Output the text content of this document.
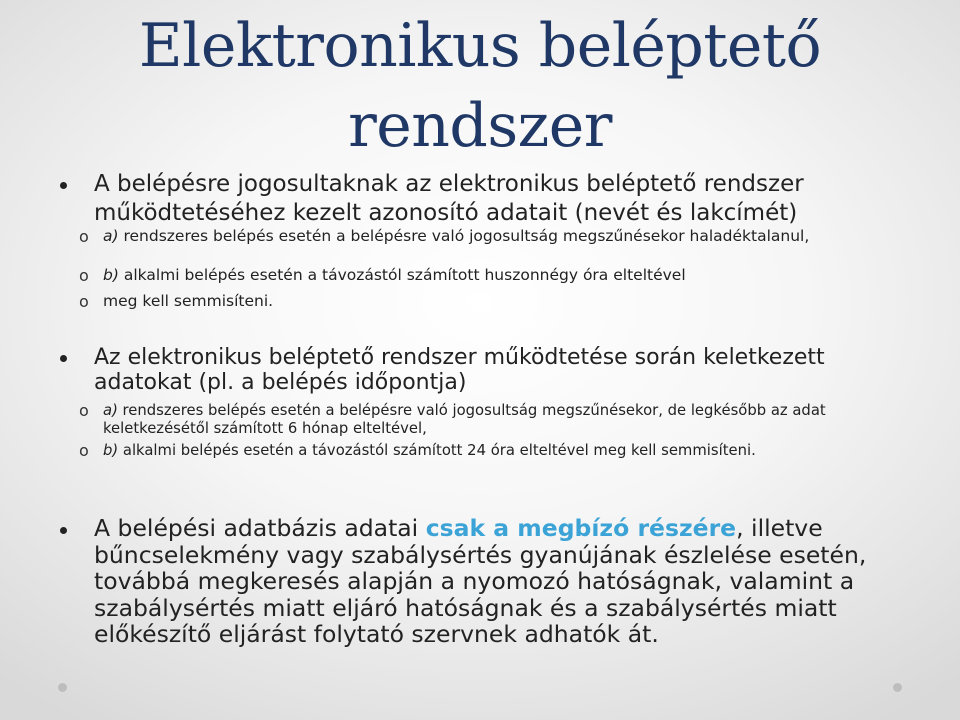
Elektronikus beléptető
rendszer
A belépésre jogosultaknak az elektronikus beléptető rendszer működtetéséhez kezelt azonosító adatait (nevét és lakcímét)
o a) rendszeres belépés esetén a belépésre való jogosultság megszűnésekor haladéktalanul,
o b) alkalmi belépés esetén a távozástól számított huszonnégy óra elteltével
o meg kell semmisíteni.
Az elektronikus beléptető rendszer működtetése során keletkezett adatokat (pl. a belépés időpontja)
o a) rendszeres belépés esetén a belépésre való jogosultság megszűnésekor, de legkésőbb az adat keletkezésétől számított 6 hónap elteltével,
o b) alkalmi belépés esetén a távozástól számított 24 óra elteltével meg kell semmisíteni.
A belépési adatbázis adatai csak a megbízó részére, illetve bűncselekmény vagy szabálysértés gyanújának észlelése esetén, továbbá megkeresés alapján a nyomozó hatóságnak, valamint a szabálysértés miatt eljáró hatóságnak és a szabálysértés miatt előkészítő eljárást folytató szervnek adhatók át.
